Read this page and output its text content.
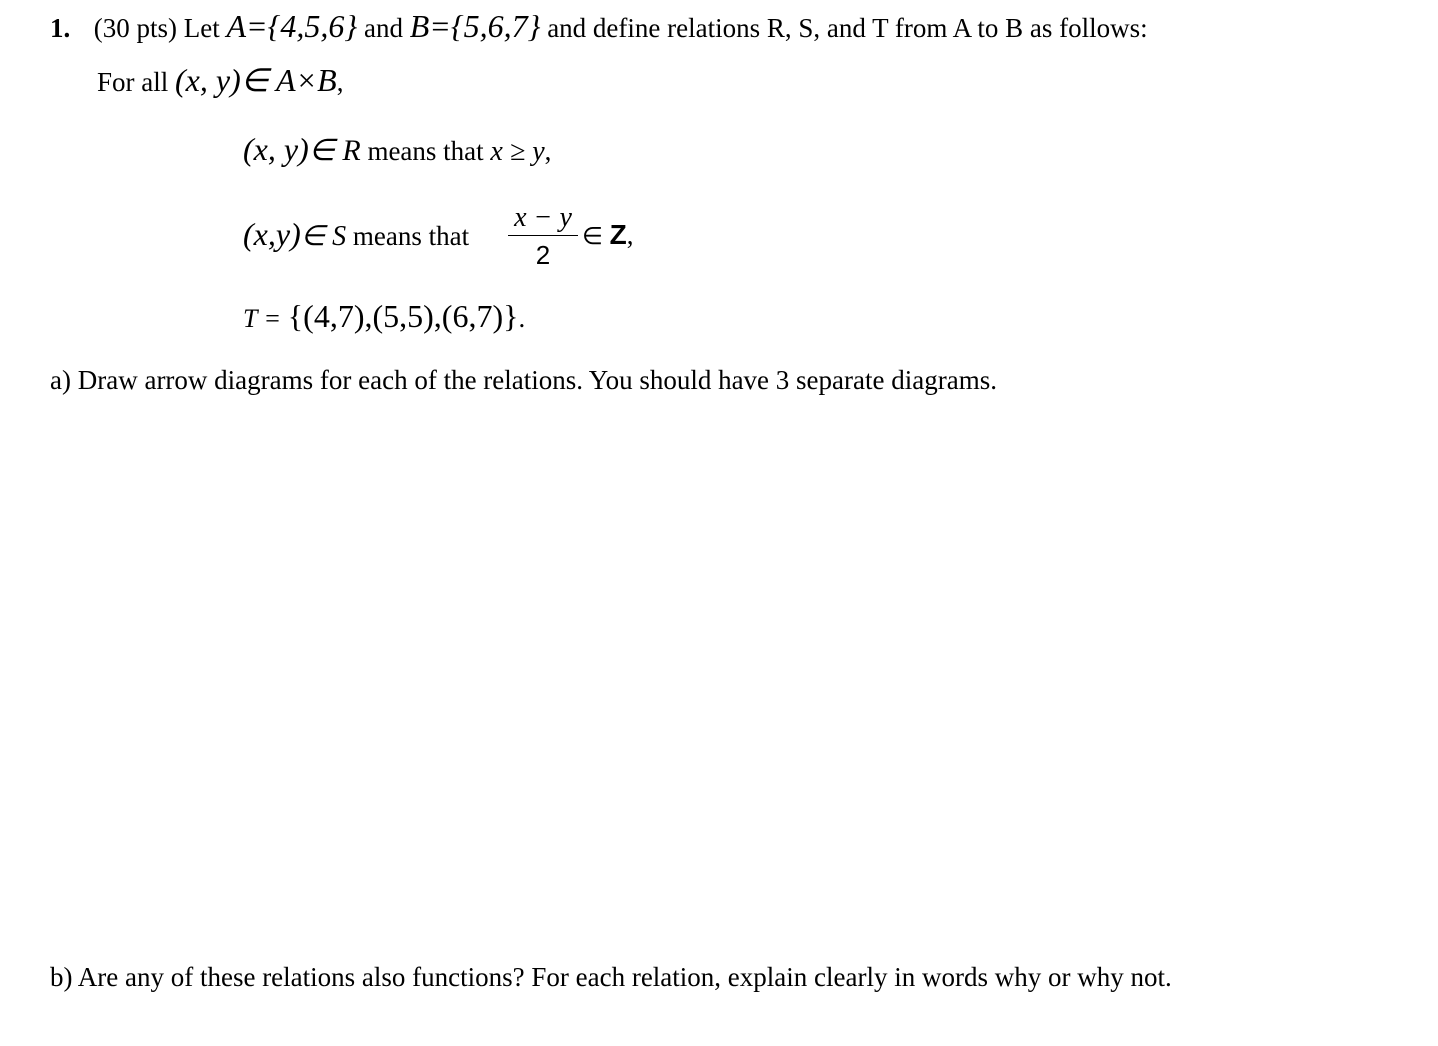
1. (30 pts) Let A={4,5,6} and B={5,6,7} and define relations R, S, and T from A to B as follows:
For all (x, y)∈ A×B,
(x, y)∈ R means that x ≥ y,
(x,y)∈ S means that
x − y
2
∈ Z,
T = {(4,7),(5,5),(6,7)}.
a) Draw arrow diagrams for each of the relations. You should have 3 separate diagrams.
b) Are any of these relations also functions? For each relation, explain clearly in words why or why not.
